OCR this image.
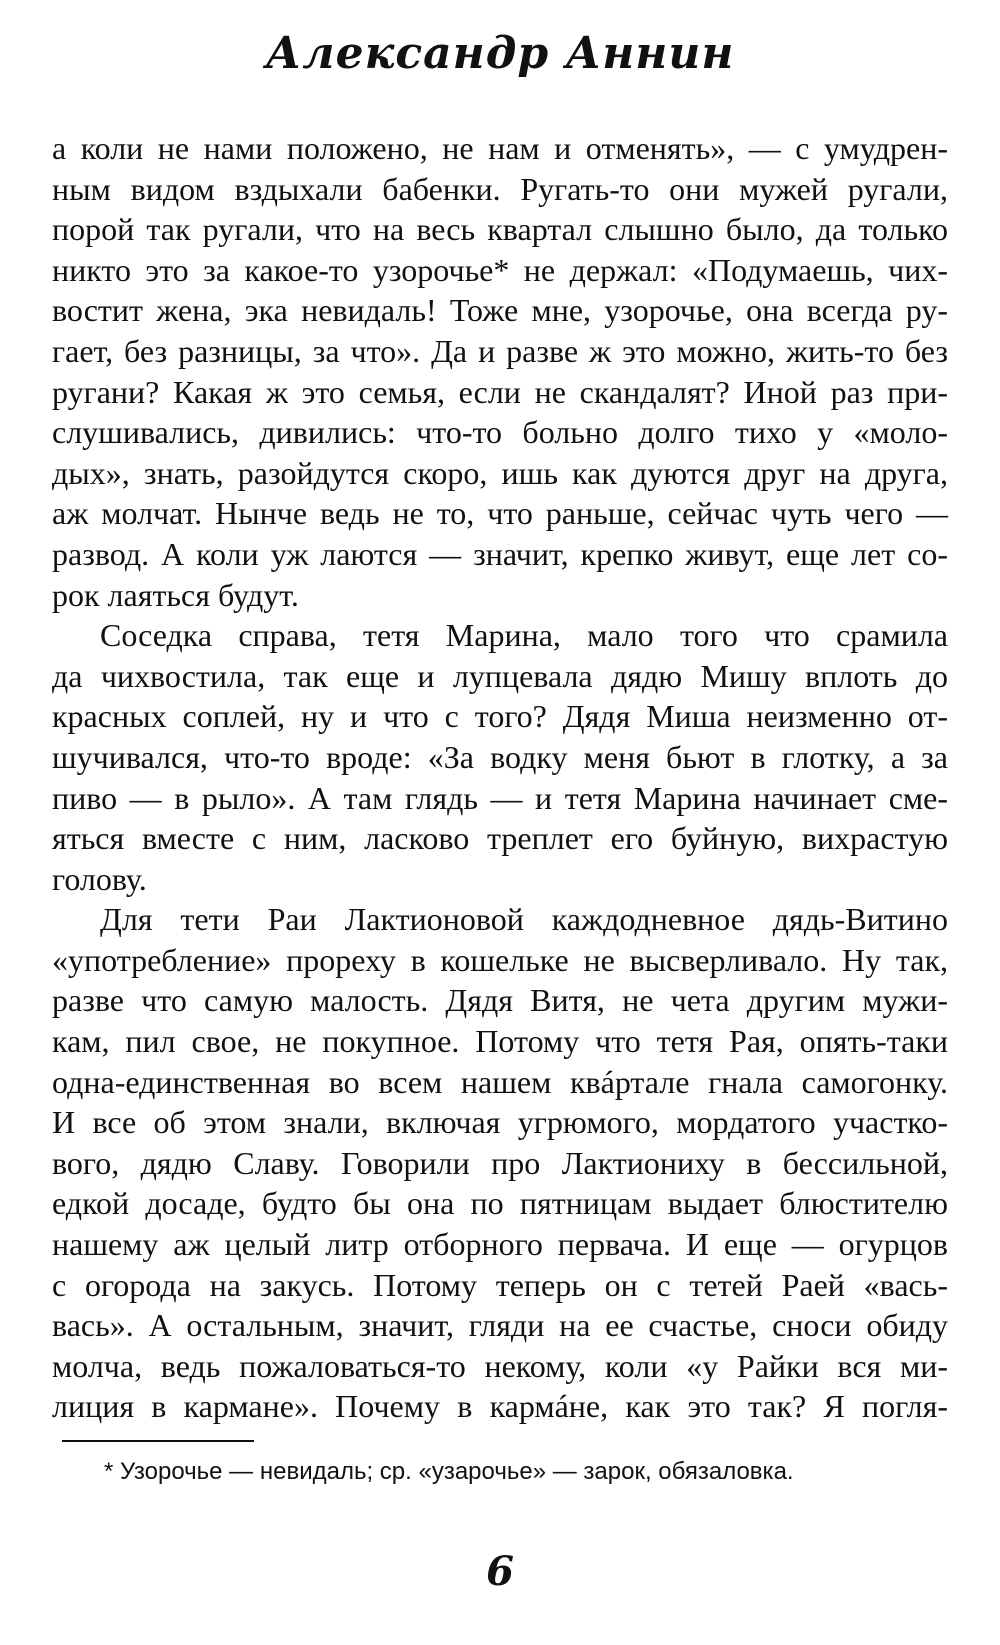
Александр Аннин

а коли не нами положено, не нам и отменять», — с умудрен-
ным видом вздыхали бабенки. Ругать-то они мужей ругали,
порой так ругали, что на весь квартал слышно было, да только
никто это за какое-то узорочье* не держал: «Подумаешь, чих-
востит жена, эка невидаль! Тоже мне, узорочье, она всегда ру-
гает, без разницы, за что». Да и разве ж это можно, жить-то без
ругани? Какая ж это семья, если не скандалят? Иной раз при-
слушивались, дивились: что-то больно долго тихо у «моло-
дых», знать, разойдутся скоро, ишь как дуются друг на друга,
аж молчат. Нынче ведь не то, что раньше, сейчас чуть чего —
развод. А коли уж лаются — значит, крепко живут, еще лет со-
рок лаяться будут.

Соседка справа, тетя Марина, мало того что срамила
да чихвостила, так еще и лупцевала дядю Мишу вплоть до
красных соплей, ну и что с того? Дядя Миша неизменно от-
шучивался, что-то вроде: «За водку меня бьют в глотку, а за
пиво — в рыло». А там глядь — и тетя Марина начинает сме-
яться вместе с ним, ласково треплет его буйную, вихрастую
голову.

Для тети Раи Лактионовой каждодневное дядь-Витино
«употребление» прореху в кошельке не высверливало. Ну так,
разве что самую малость. Дядя Витя, не чета другим мужи-
кам, пил свое, не покупное. Потому что тетя Рая, опять-таки
одна-единственная во всем нашем квáртале гнала самогонку.
И все об этом знали, включая угрюмого, мордатого участко-
вого, дядю Славу. Говорили про Лактиониху в бессильной,
едкой досаде, будто бы она по пятницам выдает блюстителю
нашему аж целый литр отборного первача. И еще — огурцов
с огорода на закусь. Потому теперь он с тетей Раей «вась-
вась». А остальным, значит, гляди на ее счастье, сноси обиду
молча, ведь пожаловаться-то некому, коли «у Райки вся ми-
лиция в кармане». Почему в кармáне, как это так? Я погля-

* Узорочье — невидаль; ср. «узарочье» — зарок, обязаловка.
6
